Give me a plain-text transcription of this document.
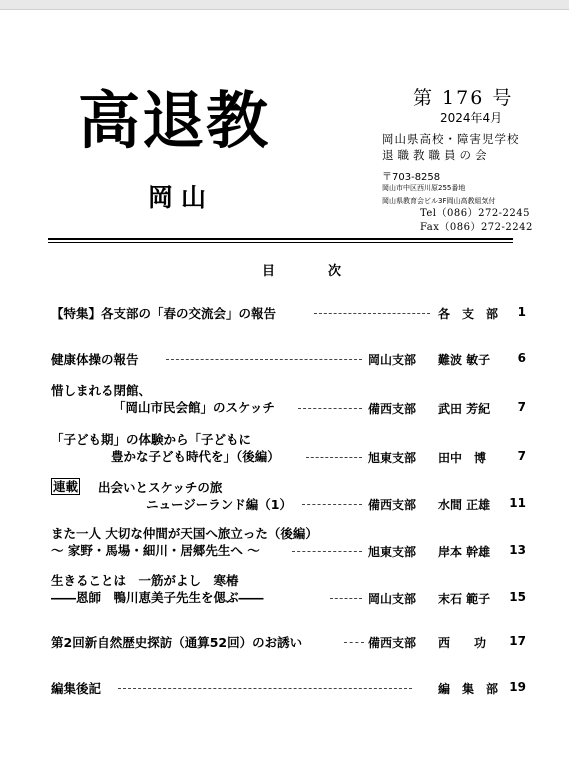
高退教
岡山
第 176 号
2024年4月
岡山県高校・障害児学校
退職教職員の会
〒703-8258
岡山市中区西川原255番地
岡山県教育会ビル3F岡山高教組気付
Tel（086）272-2245
Fax（086）272-2242
目　次
【特集】各支部の「春の交流会」の報告	各　支　部	1
健康体操の報告	岡山支部 難波 敏子	6
惜しまれる閉館、
「岡山市民会館」のスケッチ	備西支部 武田 芳紀	7
「子ども期」の体験から「子どもに
豊かな子ども時代を」（後編）	旭東支部 田中　博	7
連載 出会いとスケッチの旅
ニュージーランド編（1）	備西支部 水間 正雄 11
また一人 大切な仲間が天国へ旅立った（後編）
～ 家野・馬場・細川・居郷先生へ ～	旭東支部 岸本 幹雄 13
生きることは　一筋がよし　寒椿
――恩師　鴨川恵美子先生を偲ぶ――	岡山支部 末石 範子 15
第2回新自然歴史探訪（通算52回）のお誘い	備西支部 西　　功 17
編集後記	編　集　部 19
